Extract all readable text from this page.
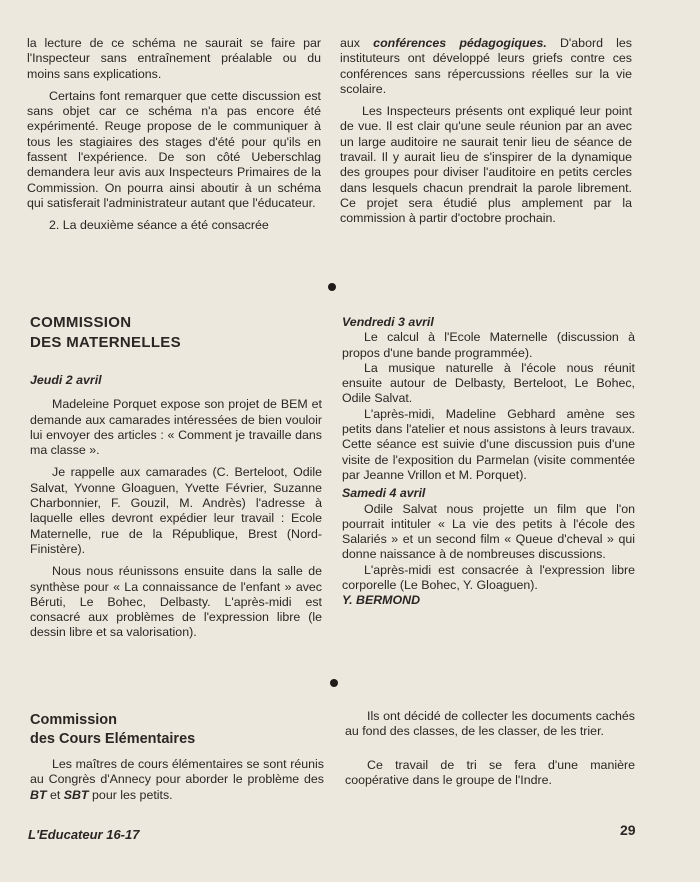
la lecture de ce schéma ne saurait se faire par l'Inspecteur sans entraînement préalable ou du moins sans explications.

Certains font remarquer que cette discussion est sans objet car ce schéma n'a pas encore été expérimenté. Reuge propose de le communiquer à tous les stagiaires des stages d'été pour qu'ils en fassent l'expérience. De son côté Ueberschlag demandera leur avis aux Inspecteurs Primaires de la Commission. On pourra ainsi aboutir à un schéma qui satisferait l'administrateur autant que l'éducateur.

2. La deuxième séance a été consacrée

aux conférences pédagogiques. D'abord les instituteurs ont développé leurs griefs contre ces conférences sans répercussions réelles sur la vie scolaire.

Les Inspecteurs présents ont expliqué leur point de vue. Il est clair qu'une seule réunion par an avec un large auditoire ne saurait tenir lieu de séance de travail. Il y aurait lieu de s'inspirer de la dynamique des groupes pour diviser l'auditoire en petits cercles dans lesquels chacun prendrait la parole librement. Ce projet sera étudié plus amplement par la commission à partir d'octobre prochain.

COMMISSION

DES MATERNELLES

Jeudi 2 avril

Madeleine Porquet expose son projet de BEM et demande aux camarades intéressées de bien vouloir lui envoyer des articles : « Comment je travaille dans ma classe ».

Je rappelle aux camarades (C. Berteloot, Odile Salvat, Yvonne Gloaguen, Yvette Février, Suzanne Charbonnier, F. Gouzil, M. Andrès) l'adresse à laquelle elles devront expédier leur travail : Ecole Maternelle, rue de la République, Brest (Nord-Finistère).

Nous nous réunissons ensuite dans la salle de synthèse pour « La connaissance de l'enfant » avec Béruti, Le Bohec, Delbasty. L'après-midi est consacré aux problèmes de l'expression libre (le dessin libre et sa valorisation).

Vendredi 3 avril

Le calcul à l'Ecole Maternelle (discussion à propos d'une bande programmée).

La musique naturelle à l'école nous réunit ensuite autour de Delbasty, Berteloot, Le Bohec, Odile Salvat.

L'après-midi, Madeline Gebhard amène ses petits dans l'atelier et nous assistons à leurs travaux. Cette séance est suivie d'une discussion puis d'une visite de l'exposition du Parmelan (visite commentée par Jeanne Vrillon et M. Porquet).

Samedi 4 avril

Odile Salvat nous projette un film que l'on pourrait intituler « La vie des petits à l'école des Salariés » et un second film « Queue d'cheval » qui donne naissance à de nombreuses discussions.

L'après-midi est consacrée à l'expression libre corporelle (Le Bohec, Y. Gloaguen).

Y. BERMOND

Commission

des Cours Elémentaires

Les maîtres de cours élémentaires se sont réunis au Congrès d'Annecy pour aborder le problème des BT et SBT pour les petits.

Ils ont décidé de collecter les documents cachés au fond des classes, de les classer, de les trier.

Ce travail de tri se fera d'une manière coopérative dans le groupe de l'Indre.

L'Educateur 16-17	29
